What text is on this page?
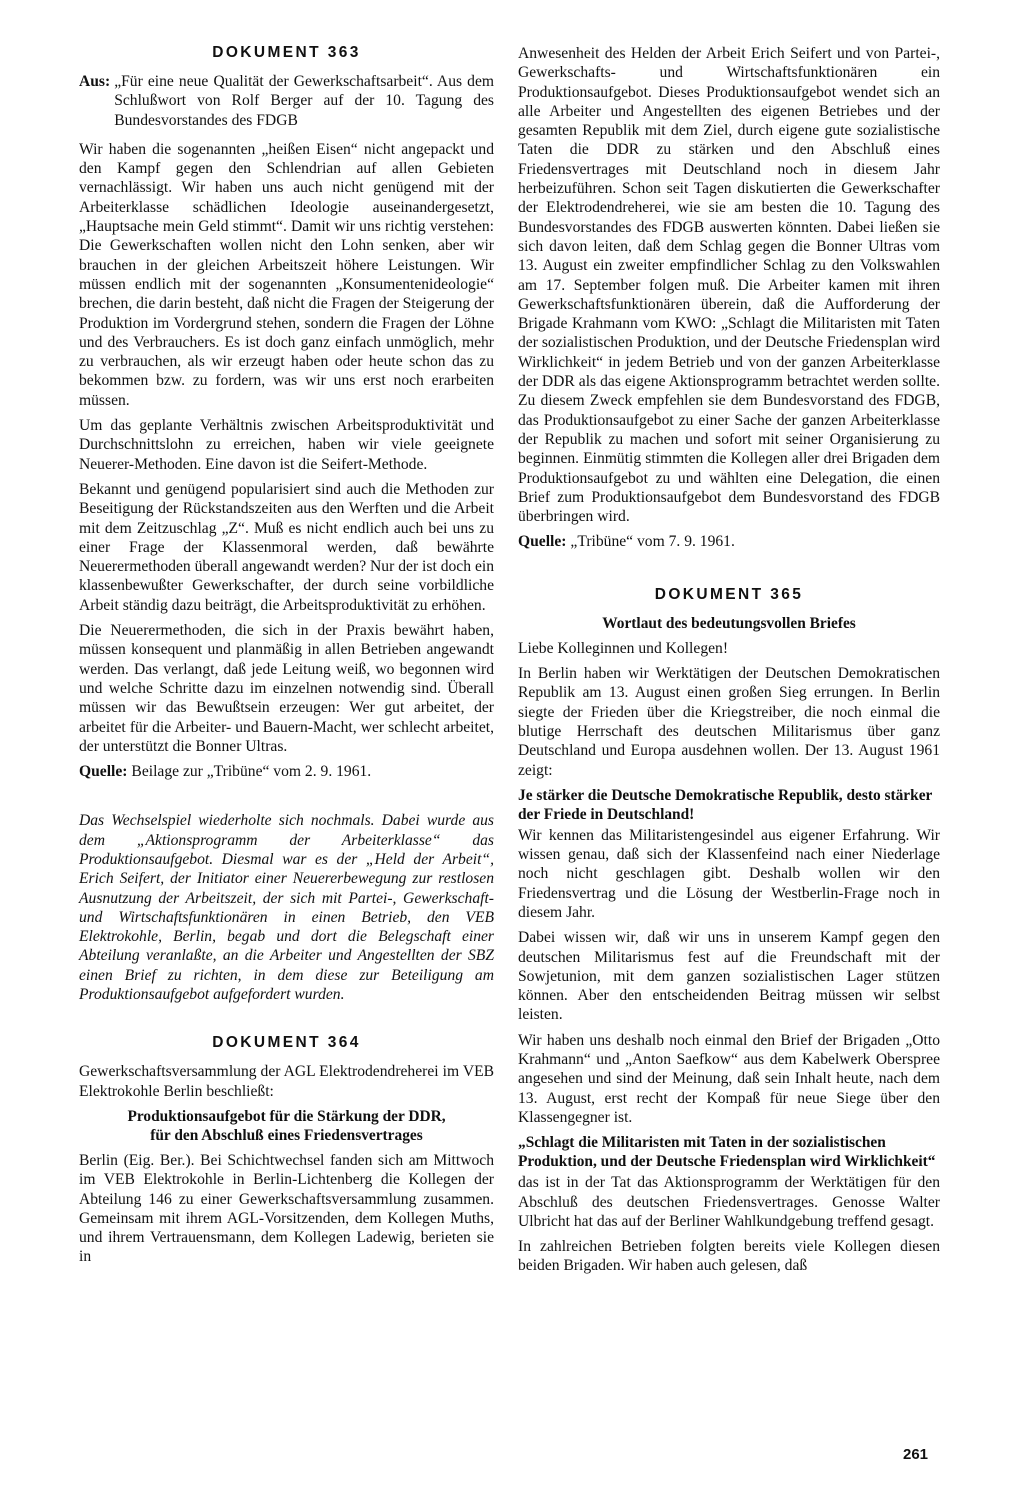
DOKUMENT 363
Aus: „Für eine neue Qualität der Gewerkschaftsarbeit“. Aus dem Schlußwort von Rolf Berger auf der 10. Tagung des Bundesvorstandes des FDGB

Wir haben die sogenannten „heißen Eisen“ nicht angepackt und den Kampf gegen den Schlendrian auf allen Gebieten vernachlässigt. Wir haben uns auch nicht genügend mit der Arbeiterklasse schädlichen Ideologie auseinandergesetzt, „Hauptsache mein Geld stimmt“. Damit wir uns richtig verstehen: Die Gewerkschaften wollen nicht den Lohn senken, aber wir brauchen in der gleichen Arbeitszeit höhere Leistungen. Wir müssen endlich mit der sogenannten „Konsumentenideologie“ brechen, die darin besteht, daß nicht die Fragen der Steigerung der Produktion im Vordergrund stehen, sondern die Fragen der Löhne und des Verbrauchers. Es ist doch ganz einfach unmöglich, mehr zu verbrauchen, als wir erzeugt haben oder heute schon das zu bekommen bzw. zu fordern, was wir uns erst noch erarbeiten müssen.

Um das geplante Verhältnis zwischen Arbeitsproduktivität und Durchschnittslohn zu erreichen, haben wir viele geeignete Neuerer-Methoden. Eine davon ist die Seifert-Methode.

Bekannt und genügend popularisiert sind auch die Methoden zur Beseitigung der Rückstandszeiten aus den Werften und die Arbeit mit dem Zeitzuschlag „Z“. Muß es nicht endlich auch bei uns zu einer Frage der Klassenmoral werden, daß bewährte Neuerermethoden überall angewandt werden? Nur der ist doch ein klassenbewußter Gewerkschafter, der durch seine vorbildliche Arbeit ständig dazu beiträgt, die Arbeitsproduktivität zu erhöhen.

Die Neuerermethoden, die sich in der Praxis bewährt haben, müssen konsequent und planmäßig in allen Betrieben angewandt werden. Das verlangt, daß jede Leitung weiß, wo begonnen wird und welche Schritte dazu im einzelnen notwendig sind. Überall müssen wir das Bewußtsein erzeugen: Wer gut arbeitet, der arbeitet für die Arbeiter- und Bauern-Macht, wer schlecht arbeitet, der unterstützt die Bonner Ultras.

Quelle: Beilage zur „Tribüne“ vom 2. 9. 1961.

Das Wechselspiel wiederholte sich nochmals. Dabei wurde aus dem „Aktionsprogramm der Arbeiterklasse“ das Produktionsaufgebot. Diesmal war es der „Held der Arbeit“, Erich Seifert, der Initiator einer Neuererbewegung zur restlosen Ausnutzung der Arbeitszeit, der sich mit Partei-, Gewerkschaft- und Wirtschaftsfunktionären in einen Betrieb, den VEB Elektrokohle, Berlin, begab und dort die Belegschaft einer Abteilung veranlaßte, an die Arbeiter und Angestellten der SBZ einen Brief zu richten, in dem diese zur Beteiligung am Produktionsaufgebot aufgefordert wurden.

DOKUMENT 364

Gewerkschaftsversammlung der AGL Elektrodendreherei im VEB Elektrokohle Berlin beschließt:

Produktionsaufgebot für die Stärkung der DDR,
für den Abschluß eines Friedensvertrages

Berlin (Eig. Ber.). Bei Schichtwechsel fanden sich am Mittwoch im VEB Elektrokohle in Berlin-Lichtenberg die Kollegen der Abteilung 146 zu einer Gewerkschaftsversammlung zusammen. Gemeinsam mit ihrem AGL-Vorsitzenden, dem Kollegen Muths, und ihrem Vertrauensmann, dem Kollegen Ladewig, berieten sie in

Anwesenheit des Helden der Arbeit Erich Seifert und von Partei-, Gewerkschafts- und Wirtschaftsfunktionären ein Produktionsaufgebot. Dieses Produktionsaufgebot wendet sich an alle Arbeiter und Angestellten des eigenen Betriebes und der gesamten Republik mit dem Ziel, durch eigene gute sozialistische Taten die DDR zu stärken und den Abschluß eines Friedensvertrages mit Deutschland noch in diesem Jahr herbeizuführen. Schon seit Tagen diskutierten die Gewerkschafter der Elektrodendreherei, wie sie am besten die 10. Tagung des Bundesvorstandes des FDGB auswerten könnten. Dabei ließen sie sich davon leiten, daß dem Schlag gegen die Bonner Ultras vom 13. August ein zweiter empfindlicher Schlag zu den Volkswahlen am 17. September folgen muß. Die Arbeiter kamen mit ihren Gewerkschaftsfunktionären überein, daß die Aufforderung der Brigade Krahmann vom KWO: „Schlagt die Militaristen mit Taten der sozialistischen Produktion, und der Deutsche Friedensplan wird Wirklichkeit“ in jedem Betrieb und von der ganzen Arbeiterklasse der DDR als das eigene Aktionsprogramm betrachtet werden sollte. Zu diesem Zweck empfehlen sie dem Bundesvorstand des FDGB, das Produktionsaufgebot zu einer Sache der ganzen Arbeiterklasse der Republik zu machen und sofort mit seiner Organisierung zu beginnen. Einmütig stimmten die Kollegen aller drei Brigaden dem Produktionsaufgebot zu und wählten eine Delegation, die einen Brief zum Produktionsaufgebot dem Bundesvorstand des FDGB überbringen wird.

Quelle: „Tribüne“ vom 7. 9. 1961.

DOKUMENT 365
Wortlaut des bedeutungsvollen Briefes

Liebe Kolleginnen und Kollegen!

In Berlin haben wir Werktätigen der Deutschen Demokratischen Republik am 13. August einen großen Sieg errungen. In Berlin siegte der Frieden über die Kriegstreiber, die noch einmal die blutige Herrschaft des deutschen Militarismus über ganz Deutschland und Europa ausdehnen wollen. Der 13. August 1961 zeigt:

Je stärker die Deutsche Demokratische Republik, desto stärker der Friede in Deutschland!

Wir kennen das Militaristengesindel aus eigener Erfahrung. Wir wissen genau, daß sich der Klassenfeind nach einer Niederlage noch nicht geschlagen gibt. Deshalb wollen wir den Friedensvertrag und die Lösung der Westberlin-Frage noch in diesem Jahr.

Dabei wissen wir, daß wir uns in unserem Kampf gegen den deutschen Militarismus fest auf die Freundschaft mit der Sowjetunion, mit dem ganzen sozialistischen Lager stützen können. Aber den entscheidenden Beitrag müssen wir selbst leisten.

Wir haben uns deshalb noch einmal den Brief der Brigaden „Otto Krahmann“ und „Anton Saefkow“ aus dem Kabelwerk Oberspree angesehen und sind der Meinung, daß sein Inhalt heute, nach dem 13. August, erst recht der Kompaß für neue Siege über den Klassengegner ist.

„Schlagt die Militaristen mit Taten in der sozialistischen Produktion, und der Deutsche Friedensplan wird Wirklichkeit“

das ist in der Tat das Aktionsprogramm der Werktätigen für den Abschluß des deutschen Friedensvertrages. Genosse Walter Ulbricht hat das auf der Berliner Wahlkundgebung treffend gesagt.

In zahlreichen Betrieben folgten bereits viele Kollegen diesen beiden Brigaden. Wir haben auch gelesen, daß

261
